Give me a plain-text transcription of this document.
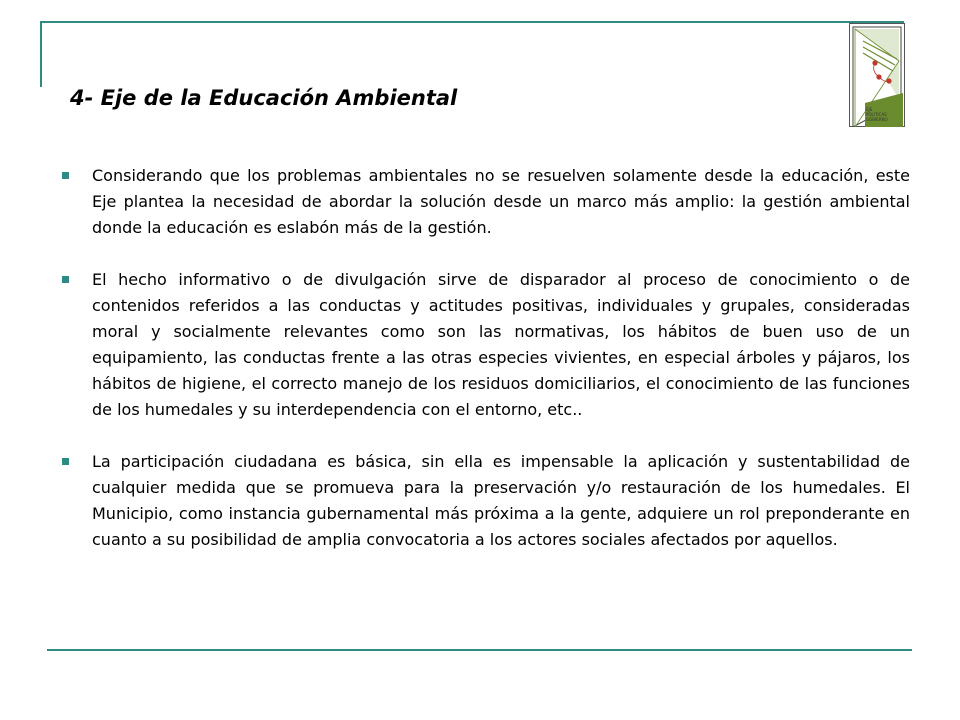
4- Eje de la Educación Ambiental	EJE
POLITICAS
GOBIERNO
Considerando que los problemas ambientales no se resuelven solamente desde la educación, este Eje plantea la necesidad de abordar la solución desde un marco más amplio: la gestión ambiental donde la educación es eslabón más de la gestión.
El hecho informativo o de divulgación sirve de disparador al proceso de conocimiento o de contenidos referidos a las conductas y actitudes positivas, individuales y grupales, consideradas moral y socialmente relevantes como son las normativas, los hábitos de buen uso de un equipamiento, las conductas frente a las otras especies vivientes, en especial árboles y pájaros, los hábitos de higiene, el correcto manejo de los residuos domiciliarios, el conocimiento de las funciones de los humedales y su interdependencia con el entorno, etc..
La participación ciudadana es básica, sin ella es impensable la aplicación y sustentabilidad de cualquier medida que se promueva para la preservación y/o restauración de los humedales. El Municipio, como instancia gubernamental más próxima a la gente, adquiere un rol preponderante en cuanto a su posibilidad de amplia convocatoria a los actores sociales afectados por aquellos.
